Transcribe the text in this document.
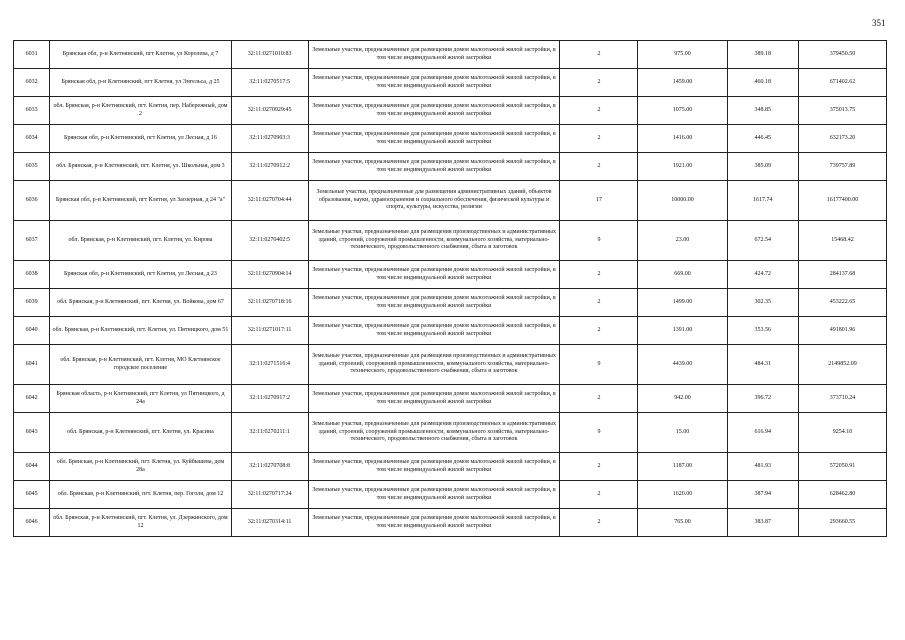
351
6031	Брянская обл, р-н Клетнянский, пгт Клетня, ул Королева, д 7	32:11:0271010:83	Земельные участки, предназначенные для размещения домов малоэтажной жилой застройки, в том числе индивидуальной жилой застройки	2	975.00	389.18	379450.50
6032	Брянская обл, р-н Клетнянский, пгт Клетня, ул Энгельса, д 25	32:11:0270517:5	Земельные участки, предназначенные для размещения домов малоэтажной жилой застройки, в том числе индивидуальной жилой застройки	2	1459.00	460.18	671402.62
6033	обл. Брянская, р-н Клетнянский, пгт. Клетня, пер. Набережный, дом 2	32:11:0270929:45	Земельные участки, предназначенные для размещения домов малоэтажной жилой застройки, в том числе индивидуальной жилой застройки	2	1075.00	348.85	375013.75
6034	Брянская обл, р-н Клетнянский, пгт Клетня, ул Лесная, д 16	32:11:0270903:3	Земельные участки, предназначенные для размещения домов малоэтажной жилой застройки, в том числе индивидуальной жилой застройки	2	1416.00	446.45	632173.20
6035	обл. Брянская, р-н Клетнянский, пгт. Клетня, ул. Школьная, дом 3	32:11:0270912:2	Земельные участки, предназначенные для размещения домов малоэтажной жилой застройки, в том числе индивидуальной жилой застройки	2	1921.00	385.09	739757.89
6036	Брянская обл, р-н Клетнянский, пгт Клетня, ул Заозерная, д 24 "а"	32:11:0270704:44	Земельные участки, предназначенные для размещения административных зданий, объектов образования, науки, здравоохранения и социального обеспечения, физической культуры и спорта, культуры, искусства, религии	17	10000.00	1617.74	16177400.00
6037	обл. Брянская, р-н Клетнянский, пгт. Клетня, ул. Кирова	32:11:0270402:5	Земельные участки, предназначенные для размещения производственных и административных зданий, строений, сооружений промышленности, коммунального хозяйства, материально-технического, продовольственного снабжения, сбыта и заготовок	9	23.00	672.54	15468.42
6038	Брянская обл, р-н Клетнянский, пгт Клетня, ул Лесная, д 23	32:11:0270904:14	Земельные участки, предназначенные для размещения домов малоэтажной жилой застройки, в том числе индивидуальной жилой застройки	2	669.00	424.72	284137.68
6039	обл. Брянская, р-н Клетнянский, пгт. Клетня, ул. Войкова, дом 67	32:11:0270718:16	Земельные участки, предназначенные для размещения домов малоэтажной жилой застройки, в том числе индивидуальной жилой застройки	2	1499.00	302.35	453222.65
6040	обл. Брянская, р-н Клетнянский, пгт. Клетня, ул. Пятницкого, дом 51	32:11:0271017:11	Земельные участки, предназначенные для размещения домов малоэтажной жилой застройки, в том числе индивидуальной жилой застройки	2	1391.00	353.56	491801.96
6041	обл. Брянская, р-н Клетнянский, пгт. Клетня, МО Клетнянское городское поселение	32:11:0271516:4	Земельные участки, предназначенные для размещения производственных и административных зданий, строений, сооружений промышленности, коммунального хозяйства, материально-технического, продовольственного снабжения, сбыта и заготовок	9	4439.00	484.31	2149852.09
6042	Брянская область, р-н Клетнянский, пгт Клетня, ул Пятницкого, д 24а	32:11:0270917:2	Земельные участки, предназначенные для размещения домов малоэтажной жилой застройки, в том числе индивидуальной жилой застройки	2	942.00	396.72	373710.24
6043	обл. Брянская, р-н Клетнянский, пгт. Клетня, ул. Красина	32:11:0270211:1	Земельные участки, предназначенные для размещения производственных и административных зданий, строений, сооружений промышленности, коммунального хозяйства, материально-технического, продовольственного снабжения, сбыта и заготовок	9	15.00	616.94	9254.10
6044	обл. Брянская, р-н Клетнянский, пгт. Клетня, ул. Куйбышева, дом 28а	32:11:0270708:8	Земельные участки, предназначенные для размещения домов малоэтажной жилой застройки, в том числе индивидуальной жилой застройки	2	1187.00	481.93	572050.91
6045	обл. Брянская, р-н Клетнянский, пгт. Клетня, пер. Гоголя, дом 12	32:11:0270717:24	Земельные участки, предназначенные для размещения домов малоэтажной жилой застройки, в том числе индивидуальной жилой застройки	2	1620.00	387.94	628462.80
6046	обл. Брянская, р-н Клетнянский, пгт. Клетня, ул. Дзержинского, дом 12	32:11:0270314:11	Земельные участки, предназначенные для размещения домов малоэтажной жилой застройки, в том числе индивидуальной жилой застройки	2	765.00	383.87	293660.55
